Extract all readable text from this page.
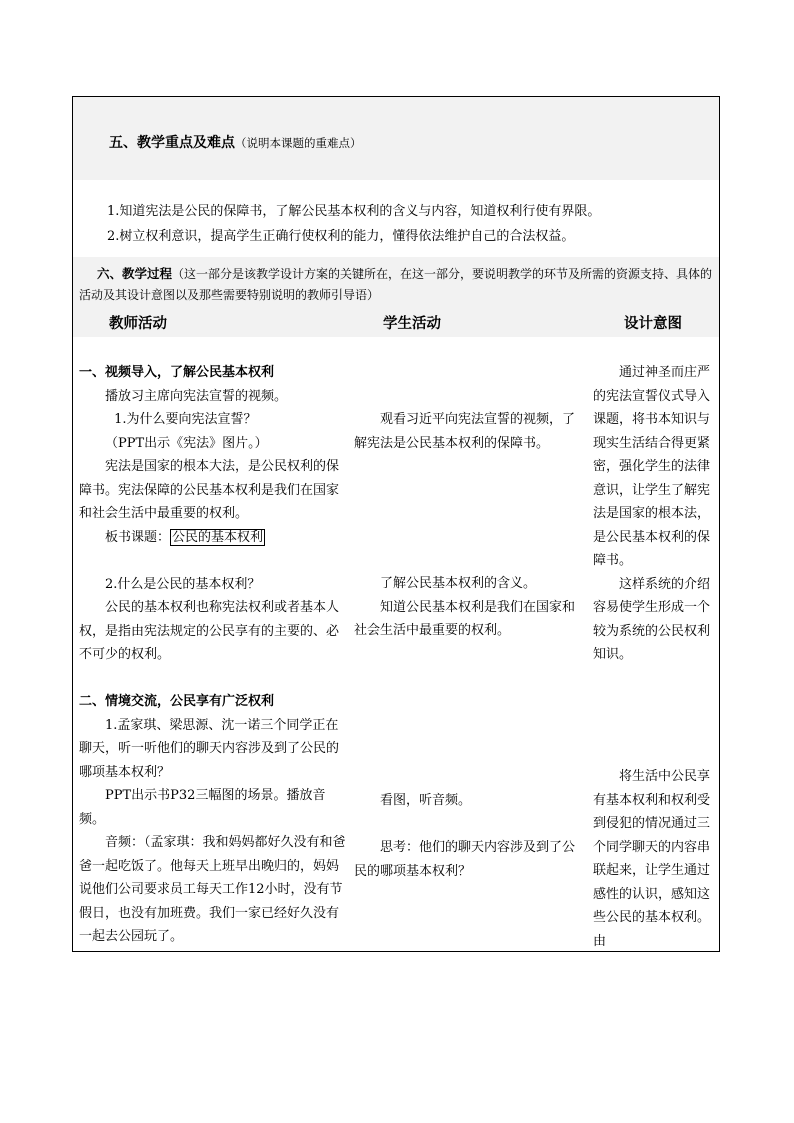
五、教学重点及难点（说明本课题的重难点）
1.知道宪法是公民的保障书，了解公民基本权利的含义与内容，知道权利行使有界限。
2.树立权利意识，提高学生正确行使权利的能力，懂得依法维护自己的合法权益。
  六、教学过程（这一部分是该教学设计方案的关键所在，在这一部分，要说明教学的环节及所需的资源支持、具体的活动及其设计意图以及那些需要特别说明的教师引导语）
教师活动	学生活动	设计意图

一、视频导入，了解公民基本权利

播放习主席向宪法宣誓的视频。

1.为什么要向宪法宣誓？

（PPT出示《宪法》图片。）

宪法是国家的根本大法，是公民权利的保障书。宪法保障的公民基本权利是我们在国家和社会生活中最重要的权利。

板书课题： 公民的基本权利

2.什么是公民的基本权利？

公民的基本权利也称宪法权利或者基本人权，是指由宪法规定的公民享有的主要的、必不可少的权利。

二、情境交流，公民享有广泛权利

1.孟家琪、梁思源、沈一诺三个同学正在聊天，听一听他们的聊天内容涉及到了公民的哪项基本权利？

PPT出示书P32三幅图的场景。播放音频。

音频：（孟家琪：我和妈妈都好久没有和爸爸一起吃饭了。他每天上班早出晚归的，妈妈说他们公司要求员工每天工作12小时，没有节假日，也没有加班费。我们一家已经好久没有一起去公园玩了。

观看习近平向宪法宣誓的视频，了解宪法是公民基本权利的保障书。

了解公民基本权利的含义。

知道公民基本权利是我们在国家和社会生活中最重要的权利。

看图，听音频。

思考：他们的聊天内容涉及到了公民的哪项基本权利？

通过神圣而庄严的宪法宣誓仪式导入课题，将书本知识与现实生活结合得更紧密，强化学生的法律意识，让学生了解宪法是国家的根本法，是公民基本权利的保障书。

这样系统的介绍容易使学生形成一个较为系统的公民权利知识。

将生活中公民享有基本权利和权利受到侵犯的情况通过三个同学聊天的内容串联起来，让学生通过感性的认识，感知这些公民的基本权利。由
